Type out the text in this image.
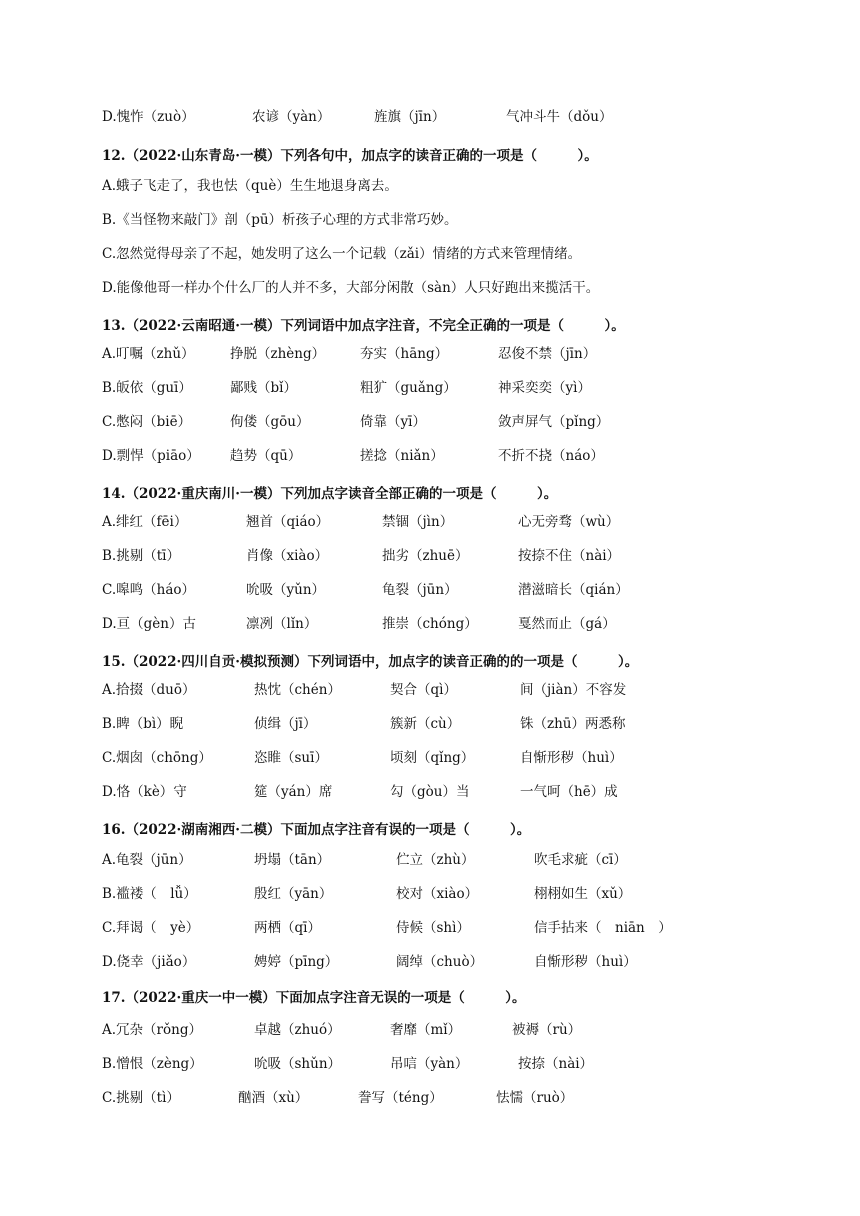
D.愧怍（zuò）	农谚（yàn）	旌旗（jīn）	气冲斗牛（dǒu）
12.（2022·山东青岛·一模）下列各句中，加点字的读音正确的一项是（　　　）。
A.蛾子飞走了，我也怯（què）生生地退身离去。
B.《当怪物来敲门》剖（pū）析孩子心理的方式非常巧妙。
C.忽然觉得母亲了不起，她发明了这么一个记载（zǎi）情绪的方式来管理情绪。
D.能像他哥一样办个什么厂的人并不多，大部分闲散（sàn）人只好跑出来揽活干。
13.（2022·云南昭通·一模）下列词语中加点字注音，不完全正确的一项是（　　　）。
A.叮嘱（zhǔ）	挣脱（zhèng）	夯实（hāng）	忍俊不禁（jīn）
B.皈依（guī）	鄙贱（bǐ）	粗犷（guǎng）	神采奕奕（yì）
C.憋闷（biē）	佝偻（gōu）	倚靠（yī）	敛声屏气（pǐng）
D.剽悍（piāo） 趋势（qū）	搓捻（niǎn）	不折不挠（náo）
14.（2022·重庆南川·一模）下列加点字读音全部正确的一项是（　　　）。
A.绯红（fēi）	翘首（qiáo）	禁锢（jìn）	心无旁骛（wù）
B.挑剔（tī）	肖像（xiào）	拙劣（zhuē）	按捺不住（nài）
C.嗥鸣（háo）	吮吸（yǔn）	龟裂（jūn）	潜滋暗长（qián）
D.亘（gèn）古	凛冽（lǐn）	推崇（chóng）	戛然而止（gá）
15.（2022·四川自贡·模拟预测）下列词语中，加点字的读音正确的的一项是（　　　）。
A.拾掇（duō）	热忱（chén）	契合（qì）	间（jiàn）不容发
B.睥（bì）睨	侦缉（jī）	簇新（cù）	铢（zhū）两悉称
C.烟囱（chōng）	恣睢（suī）	顷刻（qǐng）	自惭形秽（huì）
D.恪（kè）守	筵（yán）席	勾（gòu）当	一气呵（hē）成
16.（2022·湖南湘西·二模）下面加点字注音有误的一项是（　　　）。
A.龟裂（jūn）	坍塌（tān）	伫立（zhù）	吹毛求疵（cī）
B.褴褛（　lǚ）	殷红（yān）	校对（xiào）	栩栩如生（xǔ）
C.拜谒（　yè）	两栖（qī）	侍候（shì）	信手拈来（　niān　）
D.侥幸（jiǎo）	娉婷（pīng）	阔绰（chuò）	自惭形秽（huì）
17.（2022·重庆一中一模）下面加点字注音无误的一项是（　　　）。
A.冗杂（rǒng）	卓越（zhuó）	奢靡（mǐ）	被褥（rù）
B.憎恨（zèng）	吮吸（shǔn）	吊唁（yàn）	按捺（nài）
C.挑剔（tì）	酗酒（xù）	誊写（téng）	怯懦（ruò）
